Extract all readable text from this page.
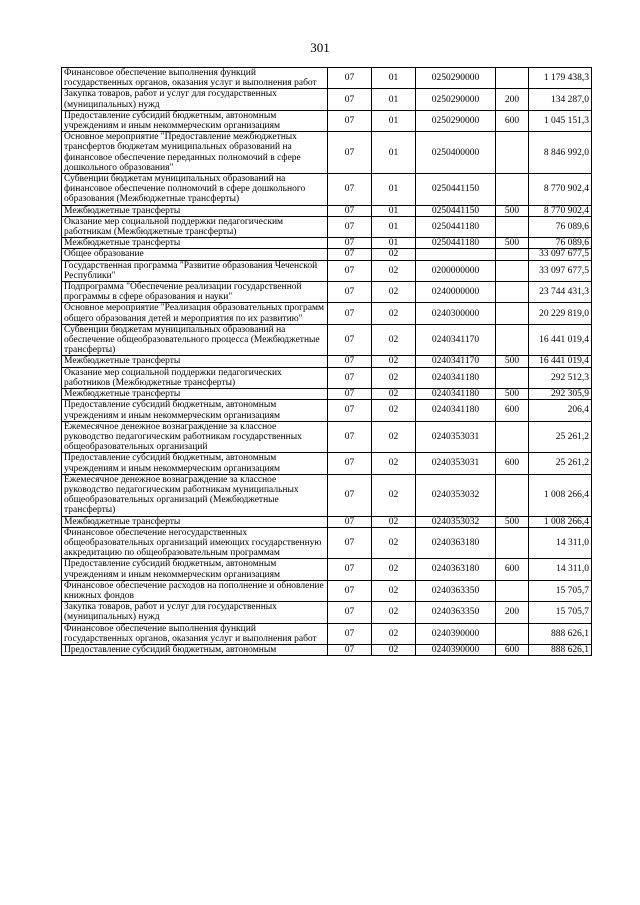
301
Финансовое обеспечение выполнения функций государственных органов, оказания услуг и выполнения работ	07	01	0250290000		1 179 438,3
Закупка товаров, работ и услуг для государственных (муниципальных) нужд	07	01	0250290000	200	134 287,0
Предоставление субсидий бюджетным, автономным учреждениям и иным некоммерческим организациям	07	01	0250290000	600	1 045 151,3
Основное мероприятие "Предоставление межбюджетных трансфертов бюджетам муниципальных образований на финансовое обеспечение переданных полномочий в сфере дошкольного образования"	07	01	0250400000		8 846 992,0
Субвенции бюджетам муниципальных образований на финансовое обеспечение полномочий в сфере дошкольного образования (Межбюджетные трансферты)	07	01	0250441150		8 770 902,4
Межбюджетные трансферты	07	01	0250441150	500	8 770 902,4
Оказание мер социальной поддержки педагогическим работникам (Межбюджетные трансферты)	07	01	0250441180		76 089,6
Межбюджетные трансферты	07	01	0250441180	500	76 089,6
Общее образование	07	02			33 097 677,5
Государственная программа "Развитие образования Чеченской Республики"	07	02	0200000000		33 097 677,5
Подпрограмма "Обеспечение реализации государственной программы в сфере образования и науки"	07	02	0240000000		23 744 431,3
Основное мероприятие "Реализация образовательных программ общего образования детей и мероприятия по их развитию"	07	02	0240300000		20 229 819,0
Субвенции бюджетам муниципальных образований на обеспечение общеобразовательного процесса (Межбюджетные трансферты)	07	02	0240341170		16 441 019,4
Межбюджетные трансферты	07	02	0240341170	500	16 441 019,4
Оказание мер социальной поддержки педагогических работников (Межбюджетные трансферты)	07	02	0240341180		292 512,3
Межбюджетные трансферты	07	02	0240341180	500	292 305,9
Предоставление субсидий бюджетным, автономным учреждениям и иным некоммерческим организациям	07	02	0240341180	600	206,4
Ежемесячное денежное вознаграждение за классное руководство педагогическим работникам государственных общеобразовательных организаций	07	02	0240353031		25 261,2
Предоставление субсидий бюджетным, автономным учреждениям и иным некоммерческим организациям	07	02	0240353031	600	25 261,2
Ежемесячное денежное вознаграждение за классное руководство педагогическим работникам муниципальных общеобразовательных организаций (Межбюджетные трансферты)	07	02	0240353032		1 008 266,4
Межбюджетные трансферты	07	02	0240353032	500	1 008 266,4
Финансовое обеспечение негосударственных общеобразовательных организаций имеющих государственную аккредитацию по общеобразовательным программам	07	02	0240363180		14 311,0
Предоставление субсидий бюджетным, автономным учреждениям и иным некоммерческим организациям	07	02	0240363180	600	14 311,0
Финансовое обеспечение расходов на пополнение и обновление книжных фондов	07	02	0240363350		15 705,7
Закупка товаров, работ и услуг для государственных (муниципальных) нужд	07	02	0240363350	200	15 705,7
Финансовое обеспечение выполнения функций государственных органов, оказания услуг и выполнения работ	07	02	0240390000		888 626,1
Предоставление субсидий бюджетным, автономным	07	02	0240390000	600	888 626,1
